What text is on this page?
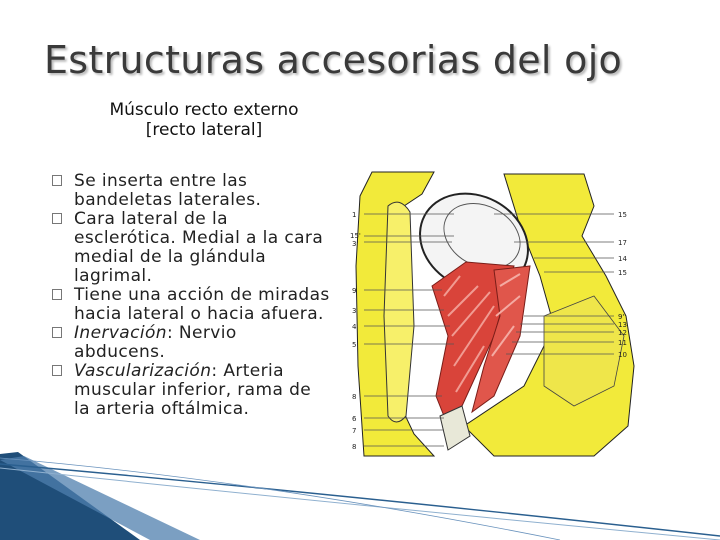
Estructuras accesorias del ojo
Músculo recto externo
[recto lateral]
Se inserta entre las bandeletas laterales.
Cara lateral de la esclerótica. Medial a la cara medial de la glándula lagrimal.
Tiene una acción de miradas hacia lateral o hacia afuera.
Inervación: Nervio abducens.
Vascularización: Arteria muscular inferior, rama de la arteria oftálmica.
1
15'
3'
9
3
4
5
8
6
7
8
15
17
14
15
9''
13
12
11
10
